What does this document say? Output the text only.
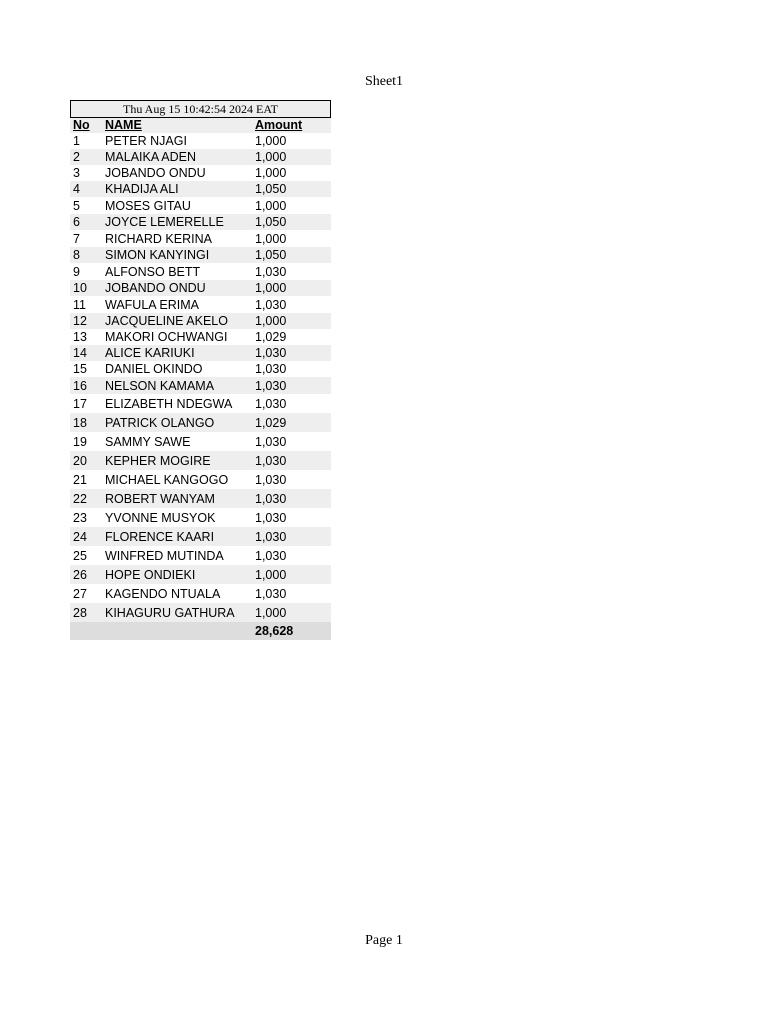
Sheet1
Thu Aug 15 10:42:54 2024 EAT
No	NAME	Amount
1	PETER NJAGI	1,000
2	MALAIKA ADEN	1,000
3	JOBANDO ONDU	1,000
4	KHADIJA ALI	1,050
5	MOSES GITAU	1,000
6	JOYCE LEMERELLE	1,050
7	RICHARD KERINA	1,000
8	SIMON KANYINGI	1,050
9	ALFONSO BETT	1,030
10	JOBANDO ONDU	1,000
11	WAFULA ERIMA	1,030
12	JACQUELINE AKELO	1,000
13	MAKORI OCHWANGI	1,029
14	ALICE KARIUKI	1,030
15	DANIEL OKINDO	1,030
16	NELSON KAMAMA	1,030
17	ELIZABETH NDEGWA	1,030
18	PATRICK OLANGO	1,029
19	SAMMY SAWE	1,030
20	KEPHER MOGIRE	1,030
21	MICHAEL KANGOGO	1,030
22	ROBERT WANYAM	1,030
23	YVONNE MUSYOK	1,030
24	FLORENCE KAARI	1,030
25	WINFRED MUTINDA	1,030
26	HOPE ONDIEKI	1,000
27	KAGENDO NTUALA	1,030
28	KIHAGURU GATHURA	1,000
		28,628
Page 1
